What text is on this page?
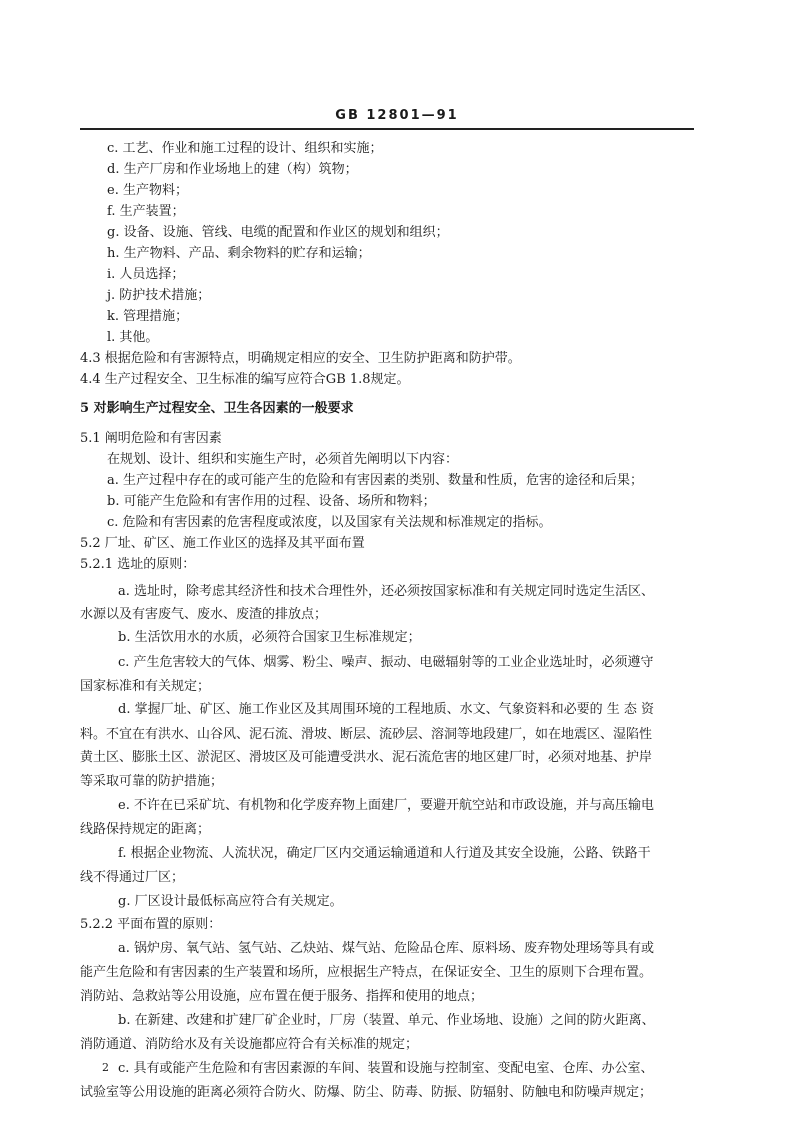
GB 12801—91
c. 工艺、作业和施工过程的设计、组织和实施；
d. 生产厂房和作业场地上的建（构）筑物；
e. 生产物料；
f. 生产装置；
g. 设备、设施、管线、电缆的配置和作业区的规划和组织；
h. 生产物料、产品、剩余物料的贮存和运输；
i. 人员选择；
j. 防护技术措施；
k. 管理措施；
l. 其他。
4.3 根据危险和有害源特点，明确规定相应的安全、卫生防护距离和防护带。
4.4 生产过程安全、卫生标准的编写应符合GB 1.8规定。
5 对影响生产过程安全、卫生各因素的一般要求
5.1 阐明危险和有害因素
在规划、设计、组织和实施生产时，必须首先阐明以下内容：
a. 生产过程中存在的或可能产生的危险和有害因素的类别、数量和性质，危害的途径和后果；
b. 可能产生危险和有害作用的过程、设备、场所和物料；
c. 危险和有害因素的危害程度或浓度，以及国家有关法规和标准规定的指标。
5.2 厂址、矿区、施工作业区的选择及其平面布置
5.2.1 选址的原则：
a. 选址时，除考虑其经济性和技术合理性外，还必须按国家标准和有关规定同时选定生活区、
水源以及有害废气、废水、废渣的排放点；
b. 生活饮用水的水质，必须符合国家卫生标准规定；
c. 产生危害较大的气体、烟雾、粉尘、噪声、振动、电磁辐射等的工业企业选址时，必须遵守
国家标准和有关规定；
d. 掌握厂址、矿区、施工作业区及其周围环境的工程地质、水文、气象资料和必要的 生 态 资
料。不宜在有洪水、山谷风、泥石流、滑坡、断层、流砂层、溶洞等地段建厂，如在地震区、湿陷性
黄土区、膨胀土区、淤泥区、滑坡区及可能遭受洪水、泥石流危害的地区建厂时，必须对地基、护岸
等采取可靠的防护措施；
e. 不许在已采矿坑、有机物和化学废弃物上面建厂，要避开航空站和市政设施，并与高压输电
线路保持规定的距离；
f. 根据企业物流、人流状况，确定厂区内交通运输通道和人行道及其安全设施，公路、铁路干
线不得通过厂区；
g. 厂区设计最低标高应符合有关规定。
5.2.2 平面布置的原则：
a. 锅炉房、氧气站、氢气站、乙炔站、煤气站、危险品仓库、原料场、废弃物处理场等具有或
能产生危险和有害因素的生产装置和场所，应根据生产特点，在保证安全、卫生的原则下合理布置。
消防站、急救站等公用设施，应布置在便于服务、指挥和使用的地点；
b. 在新建、改建和扩建厂矿企业时，厂房（装置、单元、作业场地、设施）之间的防火距离、
消防通道、消防给水及有关设施都应符合有关标准的规定；
c. 具有或能产生危险和有害因素源的车间、装置和设施与控制室、变配电室、仓库、办公室、
试验室等公用设施的距离必须符合防火、防爆、防尘、防毒、防振、防辐射、防触电和防噪声规定；
2
